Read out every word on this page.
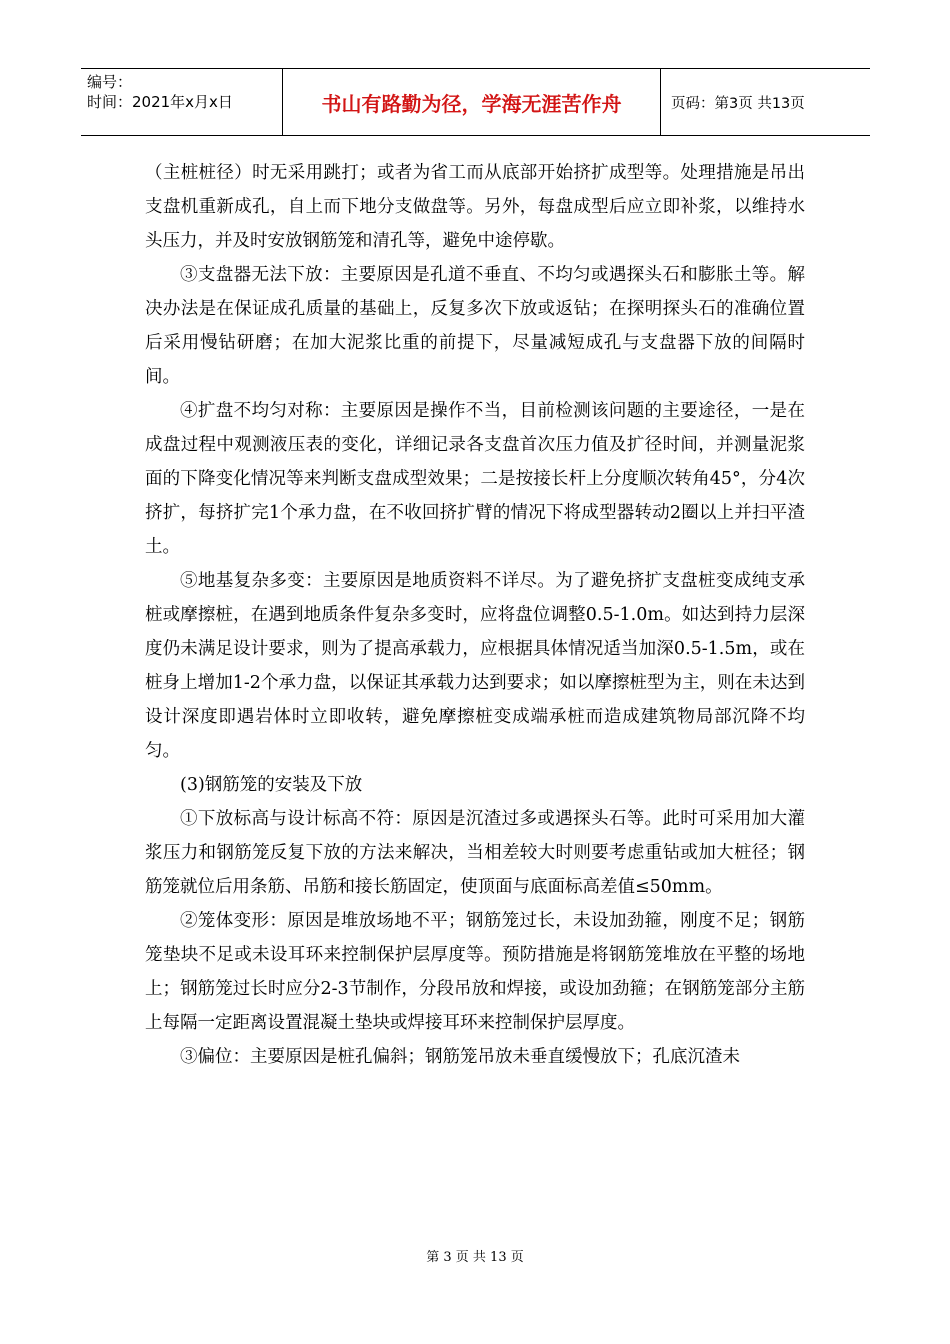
编号：
时间：2021年x月x日	书山有路勤为径，学海无涯苦作舟	页码：第3页 共13页

（主桩桩径）时无采用跳打；或者为省工而从底部开始挤扩成型等。处理措施是吊出支盘机重新成孔，自上而下地分支做盘等。另外，每盘成型后应立即补浆，以维持水头压力，并及时安放钢筋笼和清孔等，避免中途停歇。

③支盘器无法下放：主要原因是孔道不垂直、不均匀或遇探头石和膨胀土等。解决办法是在保证成孔质量的基础上，反复多次下放或返钻；在探明探头石的准确位置后采用慢钻研磨；在加大泥浆比重的前提下，尽量减短成孔与支盘器下放的间隔时间。

④扩盘不均匀对称：主要原因是操作不当，目前检测该问题的主要途径，一是在成盘过程中观测液压表的变化，详细记录各支盘首次压力值及扩径时间，并测量泥浆面的下降变化情况等来判断支盘成型效果；二是按接长杆上分度顺次转角45°，分4次挤扩，每挤扩完1个承力盘，在不收回挤扩臂的情况下将成型器转动2圈以上并扫平渣土。

⑤地基复杂多变：主要原因是地质资料不详尽。为了避免挤扩支盘桩变成纯支承桩或摩擦桩，在遇到地质条件复杂多变时，应将盘位调整0.5-1.0m。如达到持力层深度仍未满足设计要求，则为了提高承载力，应根据具体情况适当加深0.5-1.5m，或在桩身上增加1-2个承力盘，以保证其承载力达到要求；如以摩擦桩型为主，则在未达到设计深度即遇岩体时立即收转，避免摩擦桩变成端承桩而造成建筑物局部沉降不均匀。

(3)钢筋笼的安装及下放

①下放标高与设计标高不符：原因是沉渣过多或遇探头石等。此时可采用加大灌浆压力和钢筋笼反复下放的方法来解决，当相差较大时则要考虑重钻或加大桩径；钢筋笼就位后用条筋、吊筋和接长筋固定，使顶面与底面标高差值≤50mm。

②笼体变形：原因是堆放场地不平；钢筋笼过长，未设加劲箍，刚度不足；钢筋笼垫块不足或未设耳环来控制保护层厚度等。预防措施是将钢筋笼堆放在平整的场地上；钢筋笼过长时应分2-3节制作，分段吊放和焊接，或设加劲箍；在钢筋笼部分主筋上每隔一定距离设置混凝土垫块或焊接耳环来控制保护层厚度。

③偏位：主要原因是桩孔偏斜；钢筋笼吊放未垂直缓慢放下；孔底沉渣未

第 3 页 共 13 页
